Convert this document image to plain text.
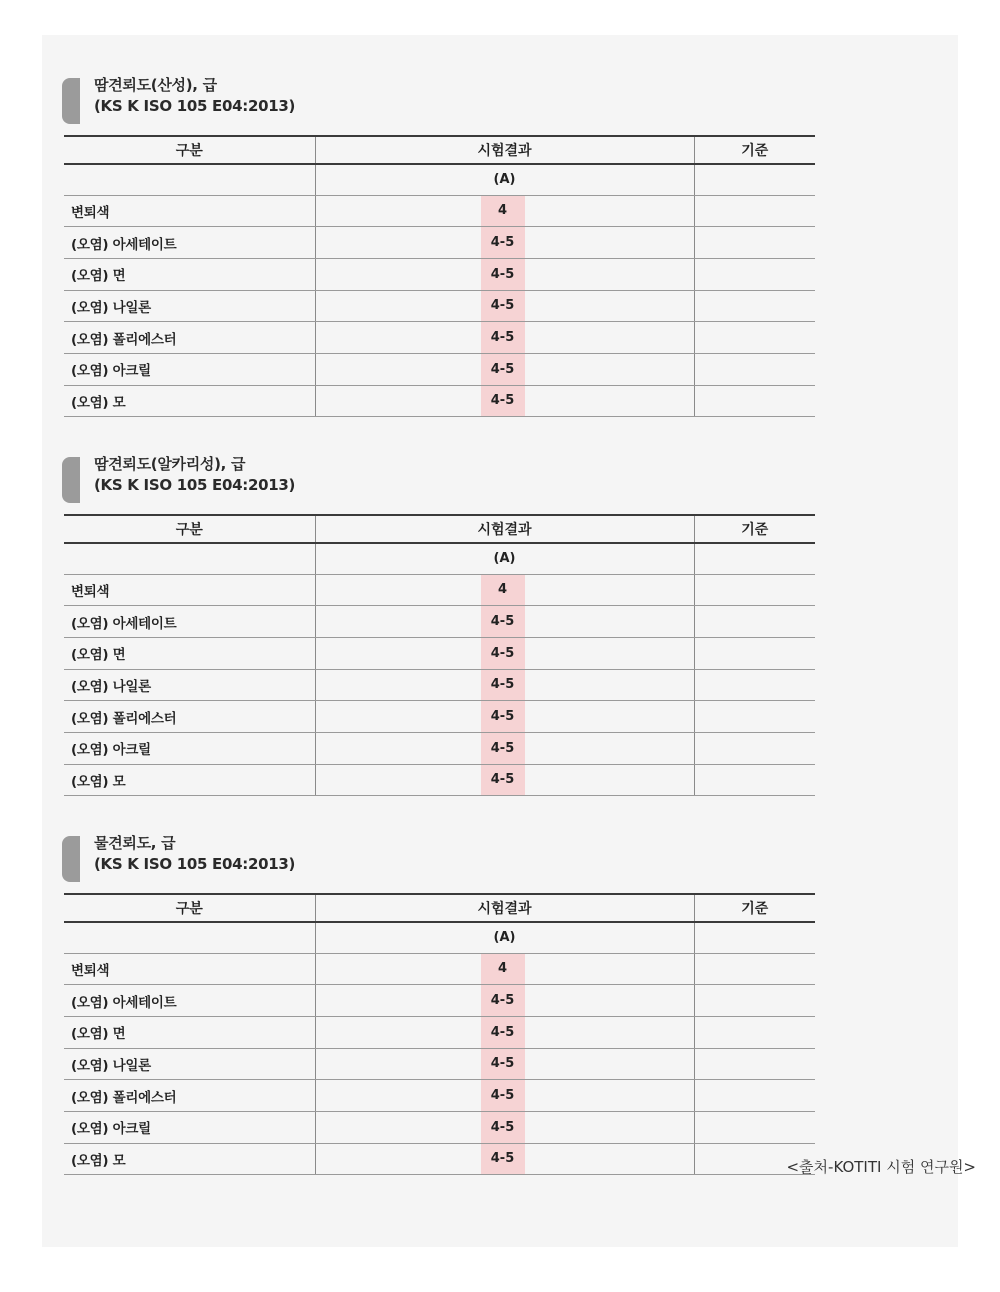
땀견뢰도(산성), 급
(KS K ISO 105 E04:2013)
구분	시험결과	기준
	(A)	
변퇴색	4	

(오염) 아세테이트	4-5	

(오염) 면	4-5	

(오염) 나일론	4-5	

(오염) 폴리에스터	4-5	

(오염) 아크릴	4-5	

(오염) 모	4-5	

땀견뢰도(알카리성), 급
(KS K ISO 105 E04:2013)
구분	시험결과	기준
	(A)	
변퇴색	4	

(오염) 아세테이트	4-5	

(오염) 면	4-5	

(오염) 나일론	4-5	

(오염) 폴리에스터	4-5	

(오염) 아크릴	4-5	

(오염) 모	4-5	

물견뢰도, 급
(KS K ISO 105 E04:2013)
구분	시험결과	기준
	(A)	
변퇴색	4	

(오염) 아세테이트	4-5	

(오염) 면	4-5	

(오염) 나일론	4-5	

(오염) 폴리에스터	4-5	

(오염) 아크릴	4-5	

(오염) 모	4-5	
		<출처-KOTITI 시험 연구원>
